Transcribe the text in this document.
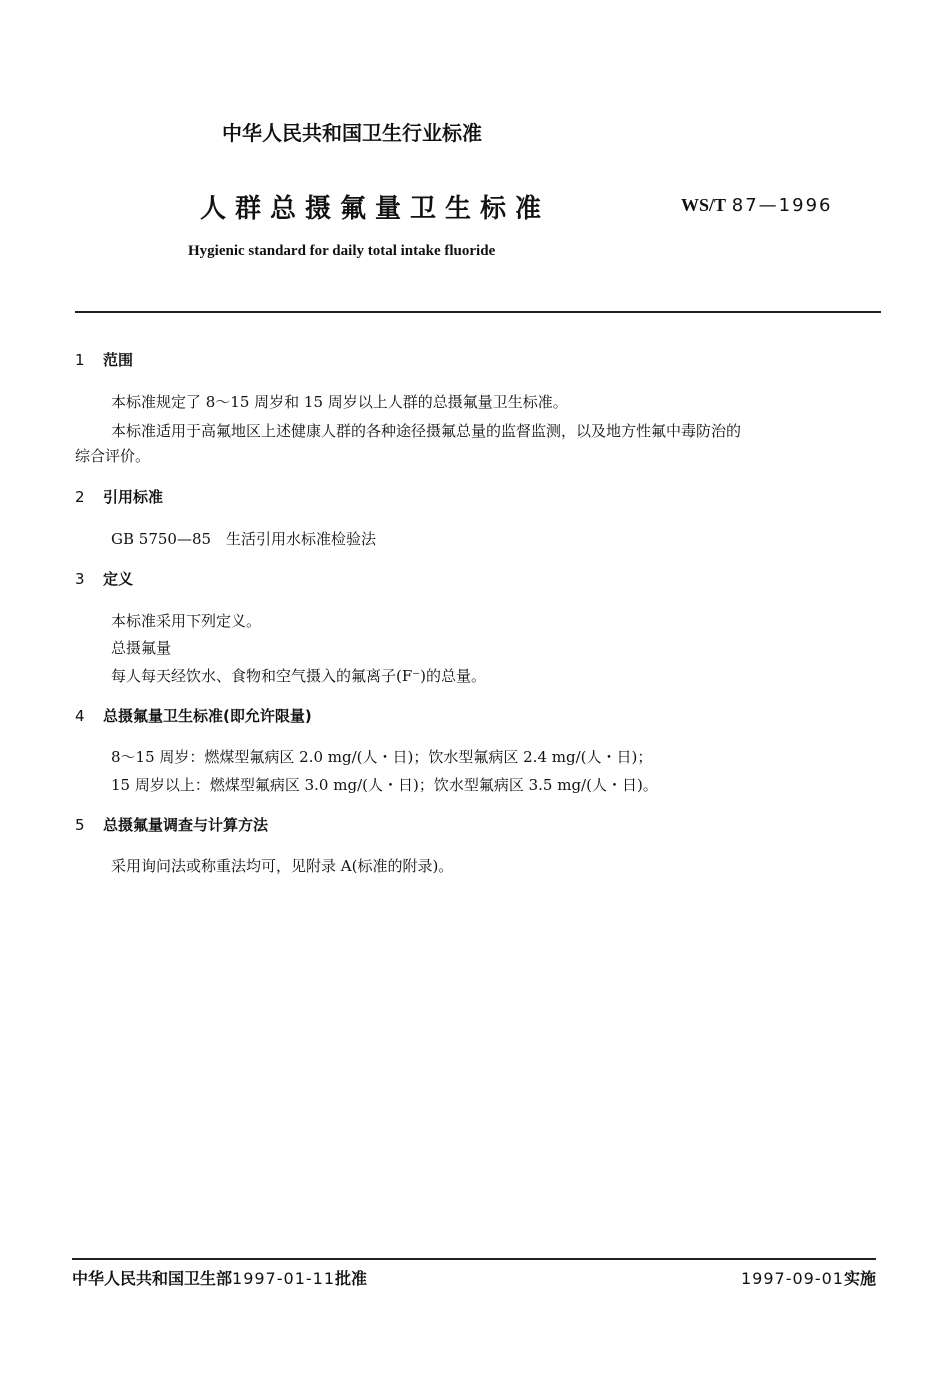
中华人民共和国卫生行业标准
人群总摄氟量卫生标准	WS/T 87—1996
Hygienic standard for daily total intake fluoride
1 范围
本标准规定了 8～15 周岁和 15 周岁以上人群的总摄氟量卫生标准。
本标准适用于高氟地区上述健康人群的各种途径摄氟总量的监督监测，以及地方性氟中毒防治的
综合评价。
2 引用标准
GB 5750—85　生活引用水标准检验法
3 定义
本标准采用下列定义。
总摄氟量
每人每天经饮水、食物和空气摄入的氟离子(F⁻)的总量。
4 总摄氟量卫生标准(即允许限量)
8～15 周岁：燃煤型氟病区 2.0 mg/(人・日)；饮水型氟病区 2.4 mg/(人・日)；
15 周岁以上：燃煤型氟病区 3.0 mg/(人・日)；饮水型氟病区 3.5 mg/(人・日)。
5 总摄氟量调查与计算方法
采用询问法或称重法均可，见附录 A(标准的附录)。
中华人民共和国卫生部1997-01-11批准	1997-09-01实施
